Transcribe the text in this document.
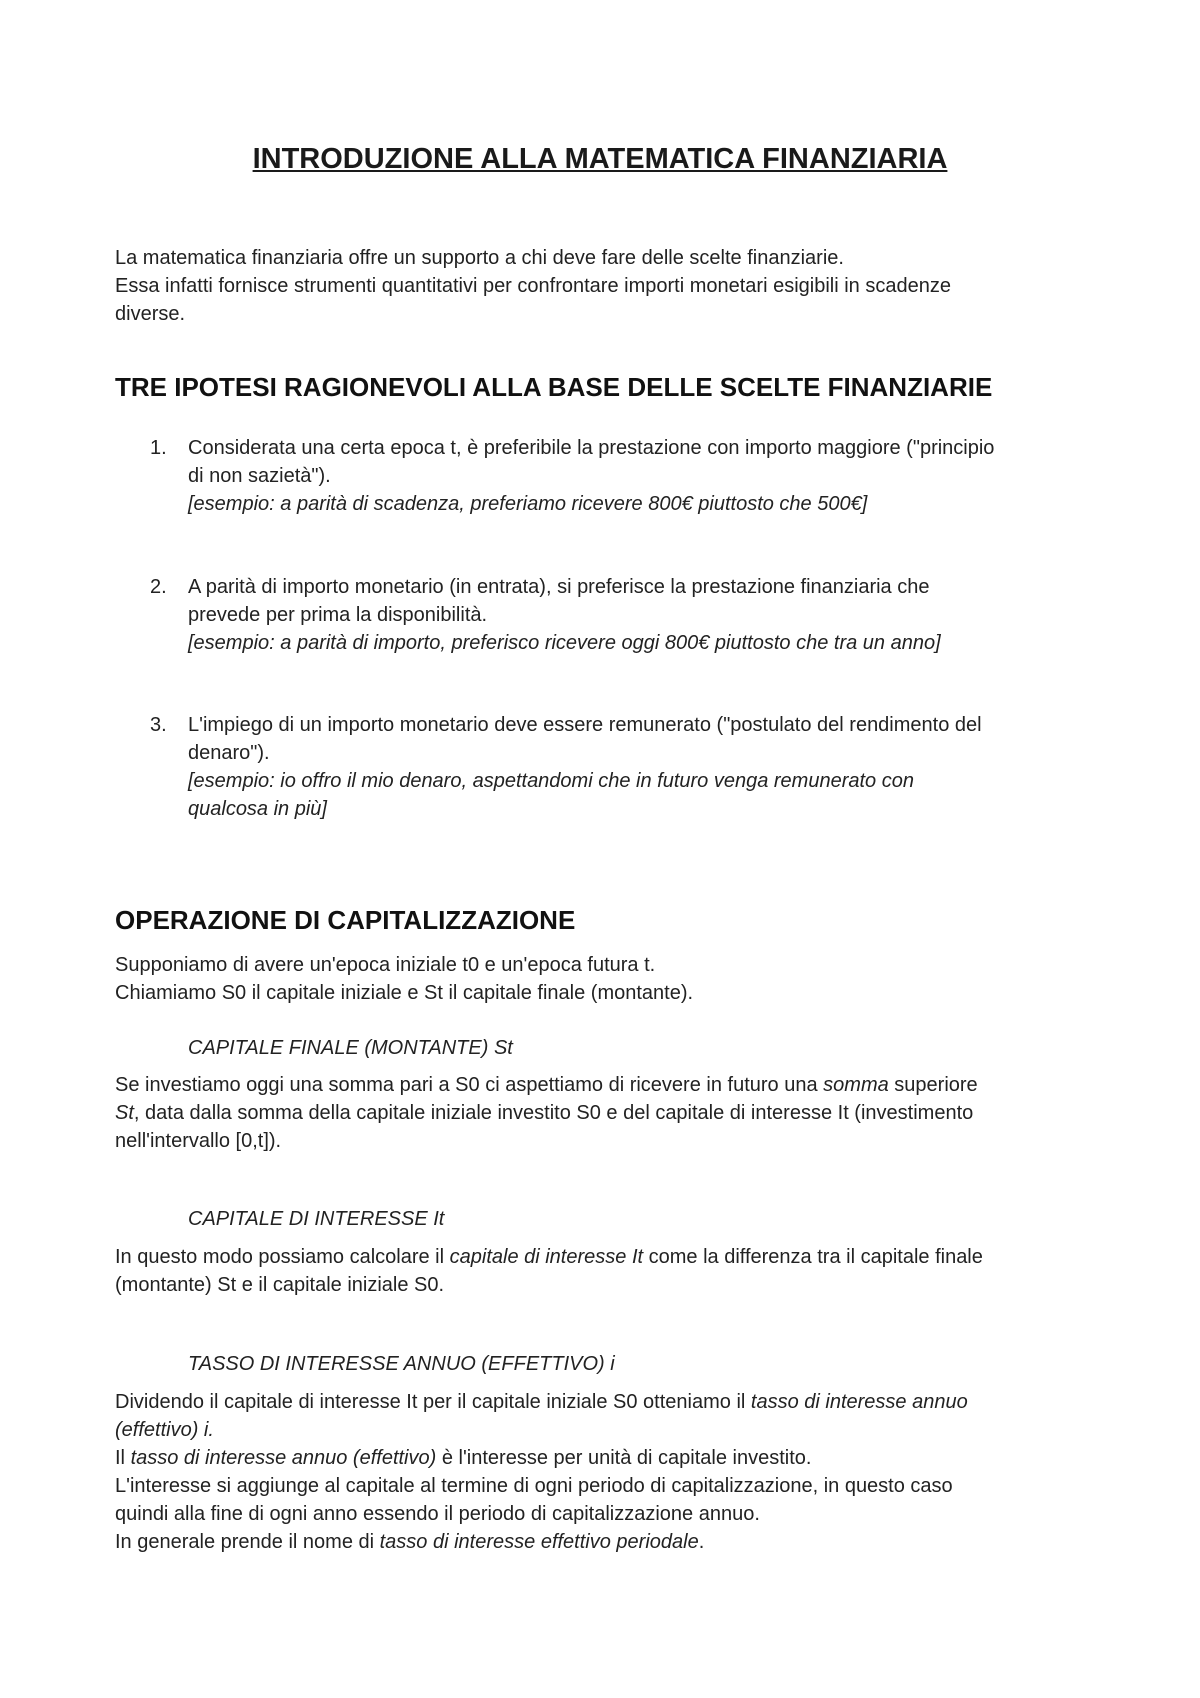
INTRODUZIONE ALLA MATEMATICA FINANZIARIA

La matematica finanziaria offre un supporto a chi deve fare delle scelte finanziarie.
Essa infatti fornisce strumenti quantitativi per confrontare importi monetari esigibili in scadenze
diverse.

TRE IPOTESI RAGIONEVOLI ALLA BASE DELLE SCELTE FINANZIARIE
1. Considerata una certa epoca t, è preferibile la prestazione con importo maggiore ("principio
di non sazietà").
[esempio: a parità di scadenza, preferiamo ricevere 800€ piuttosto che 500€]

2. A parità di importo monetario (in entrata), si preferisce la prestazione finanziaria che
prevede per prima la disponibilità.
[esempio: a parità di importo, preferisco ricevere oggi 800€ piuttosto che tra un anno]

3. L'impiego di un importo monetario deve essere remunerato ("postulato del rendimento del
denaro").
[esempio: io offro il mio denaro, aspettandomi che in futuro venga remunerato con
qualcosa in più]

OPERAZIONE DI CAPITALIZZAZIONE

Supponiamo di avere un'epoca iniziale t0 e un'epoca futura t.
Chiamiamo S0 il capitale iniziale e St il capitale finale (montante).

CAPITALE FINALE (MONTANTE) St

Se investiamo oggi una somma pari a S0 ci aspettiamo di ricevere in futuro una somma superiore
St, data dalla somma della capitale iniziale investito S0 e del capitale di interesse It (investimento
nell'intervallo [0,t]).

CAPITALE DI INTERESSE It

In questo modo possiamo calcolare il capitale di interesse It come la differenza tra il capitale finale
(montante) St e il capitale iniziale S0.

TASSO DI INTERESSE ANNUO (EFFETTIVO) i

Dividendo il capitale di interesse It per il capitale iniziale S0 otteniamo il tasso di interesse annuo
(effettivo) i.
Il tasso di interesse annuo (effettivo) è l'interesse per unità di capitale investito.
L'interesse si aggiunge al capitale al termine di ogni periodo di capitalizzazione, in questo caso
quindi alla fine di ogni anno essendo il periodo di capitalizzazione annuo.
In generale prende il nome di tasso di interesse effettivo periodale.
